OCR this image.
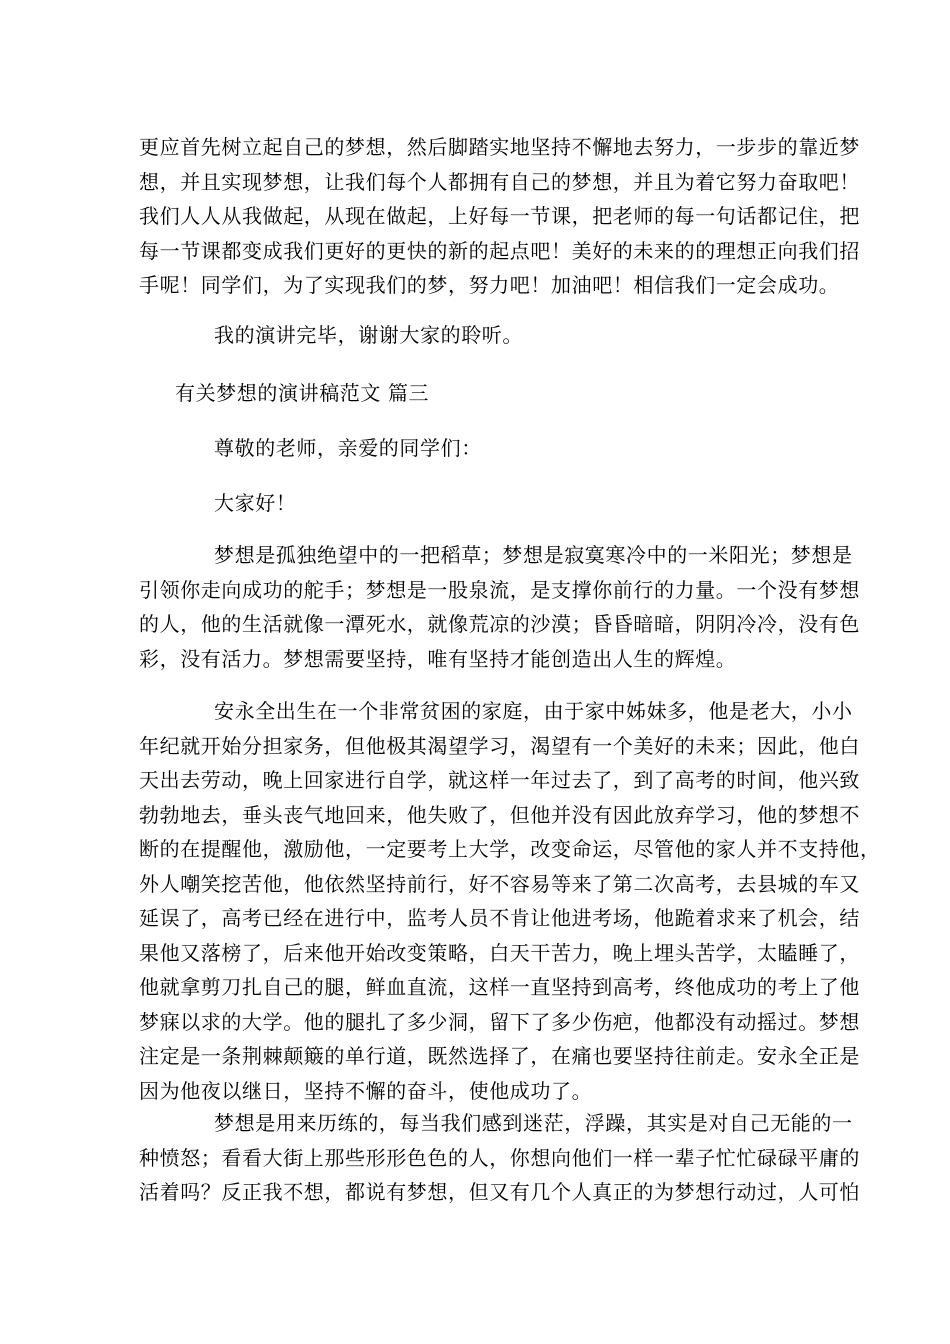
更应首先树立起自己的梦想，然后脚踏实地坚持不懈地去努力，一步步的靠近梦
想，并且实现梦想，让我们每个人都拥有自己的梦想，并且为着它努力奋取吧！
我们人人从我做起，从现在做起，上好每一节课，把老师的每一句话都记住，把
每一节课都变成我们更好的更快的新的起点吧！美好的未来的的理想正向我们招
手呢！同学们，为了实现我们的梦，努力吧！加油吧！相信我们一定会成功。

我的演讲完毕，谢谢大家的聆听。

有关梦想的演讲稿范文 篇三

尊敬的老师，亲爱的同学们：

大家好！

梦想是孤独绝望中的一把稻草；梦想是寂寞寒冷中的一米阳光；梦想是
引领你走向成功的舵手；梦想是一股泉流，是支撑你前行的力量。一个没有梦想
的人，他的生活就像一潭死水，就像荒凉的沙漠；昏昏暗暗，阴阴冷冷，没有色
彩，没有活力。梦想需要坚持，唯有坚持才能创造出人生的辉煌。
安永全出生在一个非常贫困的家庭，由于家中姊妹多，他是老大，小小
年纪就开始分担家务，但他极其渴望学习，渴望有一个美好的未来；因此，他白
天出去劳动，晚上回家进行自学，就这样一年过去了，到了高考的时间，他兴致
勃勃地去，垂头丧气地回来，他失败了，但他并没有因此放弃学习，他的梦想不
断的在提醒他，激励他，一定要考上大学，改变命运，尽管他的家人并不支持他，
外人嘲笑挖苦他，他依然坚持前行，好不容易等来了第二次高考，去县城的车又
延误了，高考已经在进行中，监考人员不肯让他进考场，他跪着求来了机会，结
果他又落榜了，后来他开始改变策略，白天干苦力，晚上埋头苦学，太瞌睡了，
他就拿剪刀扎自己的腿，鲜血直流，这样一直坚持到高考，终他成功的考上了他
梦寐以求的大学。他的腿扎了多少洞，留下了多少伤疤，他都没有动摇过。梦想
注定是一条荆棘颠簸的单行道，既然选择了，在痛也要坚持往前走。安永全正是
因为他夜以继日，坚持不懈的奋斗，使他成功了。
梦想是用来历练的，每当我们感到迷茫，浮躁，其实是对自己无能的一
种愤怒；看看大街上那些形形色色的人，你想向他们一样一辈子忙忙碌碌平庸的
活着吗？反正我不想，都说有梦想，但又有几个人真正的为梦想行动过，人可怕
